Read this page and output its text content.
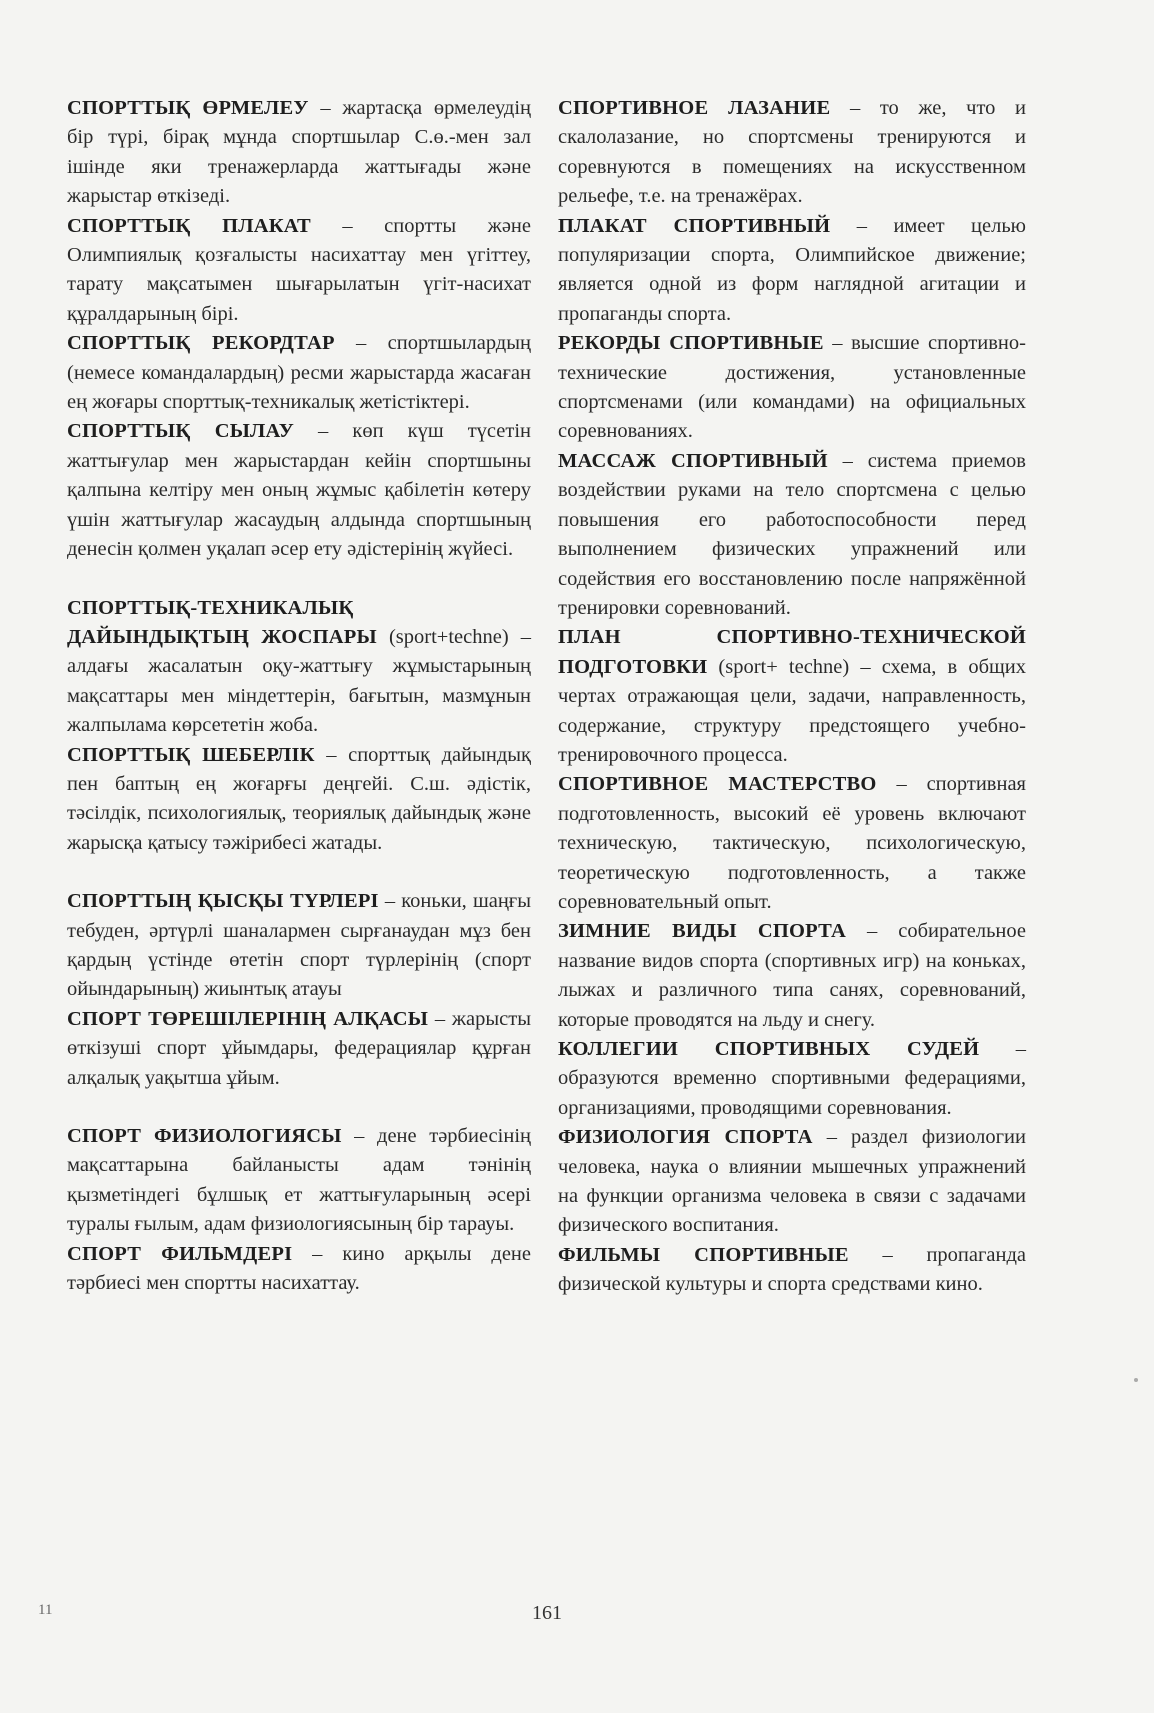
СПОРТТЫҚ ӨРМЕЛЕУ – жартасқа өрмелеудің бір түрі, бірақ мұнда спортшылар С.ө.-мен зал ішінде яки тренажерларда жаттығады және жарыстар өткізеді.

СПОРТТЫҚ ПЛАКАТ – спортты және Олимпиялық қозғалысты насихаттау мен үгіттеу, тарату мақсатымен шығарылатын үгіт-насихат құралдарының бірі.

СПОРТТЫҚ РЕКОРДТАР – спортшылардың (немесе командалардың) ресми жарыстарда жасаған ең жоғары спорттық-техникалық жетістіктері.

СПОРТТЫҚ СЫЛАУ – көп күш түсетін жаттығулар мен жарыстардан кейін спортшыны қалпына келтіру мен оның жұмыс қабілетін көтеру үшін жаттығулар жасаудың алдында спортшының денесін қолмен уқалап әсер ету әдістерінің жүйесі.

СПОРТТЫҚ-ТЕХНИКАЛЫҚ ДАЙЫНДЫҚТЫҢ ЖОСПАРЫ (sport+techne) – алдағы жасалатын оқу-жаттығу жұмыстарының мақсаттары мен міндеттерін, бағытын, мазмұнын жалпылама көрсететін жоба.

СПОРТТЫҚ ШЕБЕРЛІК – спорттық дайындық пен баптың ең жоғарғы деңгейі. С.ш. әдістік, тәсілдік, психологиялық, теориялық дайындық және жарысқа қатысу тәжірибесі жатады.

СПОРТТЫҢ ҚЫСҚЫ ТҮРЛЕРІ – коньки, шаңғы тебуден, әртүрлі шаналармен сырғанаудан мұз бен қардың үстінде өтетін спорт түрлерінің (спорт ойындарының) жиынтық атауы

СПОРТ ТӨРЕШІЛЕРІНІҢ АЛҚАСЫ – жарысты өткізуші спорт ұйымдары, федерациялар құрған алқалық уақытша ұйым.

СПОРТ ФИЗИОЛОГИЯСЫ – дене тәрбиесінің мақсаттарына байланысты адам тәнінің қызметіндегі бұлшық ет жаттығуларының әсері туралы ғылым, адам физиологиясының бір тарауы.

СПОРТ ФИЛЬМДЕРІ – кино арқылы дене тәрбиесі мен спортты насихаттау.

СПОРТИВНОЕ ЛАЗАНИЕ – то же, что и скалолазание, но спортсмены тренируются и соревнуются в помещениях на искусственном рельефе, т.е. на тренажёрах.

ПЛАКАТ СПОРТИВНЫЙ – имеет целью популяризации спорта, Олимпийское движение; является одной из форм наглядной агитации и пропаганды спорта.

РЕКОРДЫ СПОРТИВНЫЕ – высшие спортивно-технические достижения, установленные спортсменами (или командами) на официальных соревнованиях.

МАССАЖ СПОРТИВНЫЙ – система приемов воздействии руками на тело спортсмена с целью повышения его работоспособности перед выполнением физических упражнений или содействия его восстановлению после напряжённой тренировки соревнований.

ПЛАН СПОРТИВНО-ТЕХНИЧЕСКОЙ ПОДГОТОВКИ (sport+ techne) – схема, в общих чертах отражающая цели, задачи, направленность, содержание, структуру предстоящего учебно-тренировочного процесса.

СПОРТИВНОЕ МАСТЕРСТВО – спортивная подготовленность, высокий её уровень включают техническую, тактическую, психологическую, теоретическую подготовленность, а также соревновательный опыт.

ЗИМНИЕ ВИДЫ СПОРТА – собирательное название видов спорта (спортивных игр) на коньках, лыжах и различного типа санях, соревнований, которые проводятся на льду и снегу.

КОЛЛЕГИИ СПОРТИВНЫХ СУДЕЙ – образуются временно спортивными федерациями, организациями, проводящими соревнования.

ФИЗИОЛОГИЯ СПОРТА – раздел физиологии человека, наука о влиянии мышечных упражнений на функции организма человека в связи с задачами физического воспитания.

ФИЛЬМЫ СПОРТИВНЫЕ – пропаганда физической культуры и спорта средствами кино.

11	161
